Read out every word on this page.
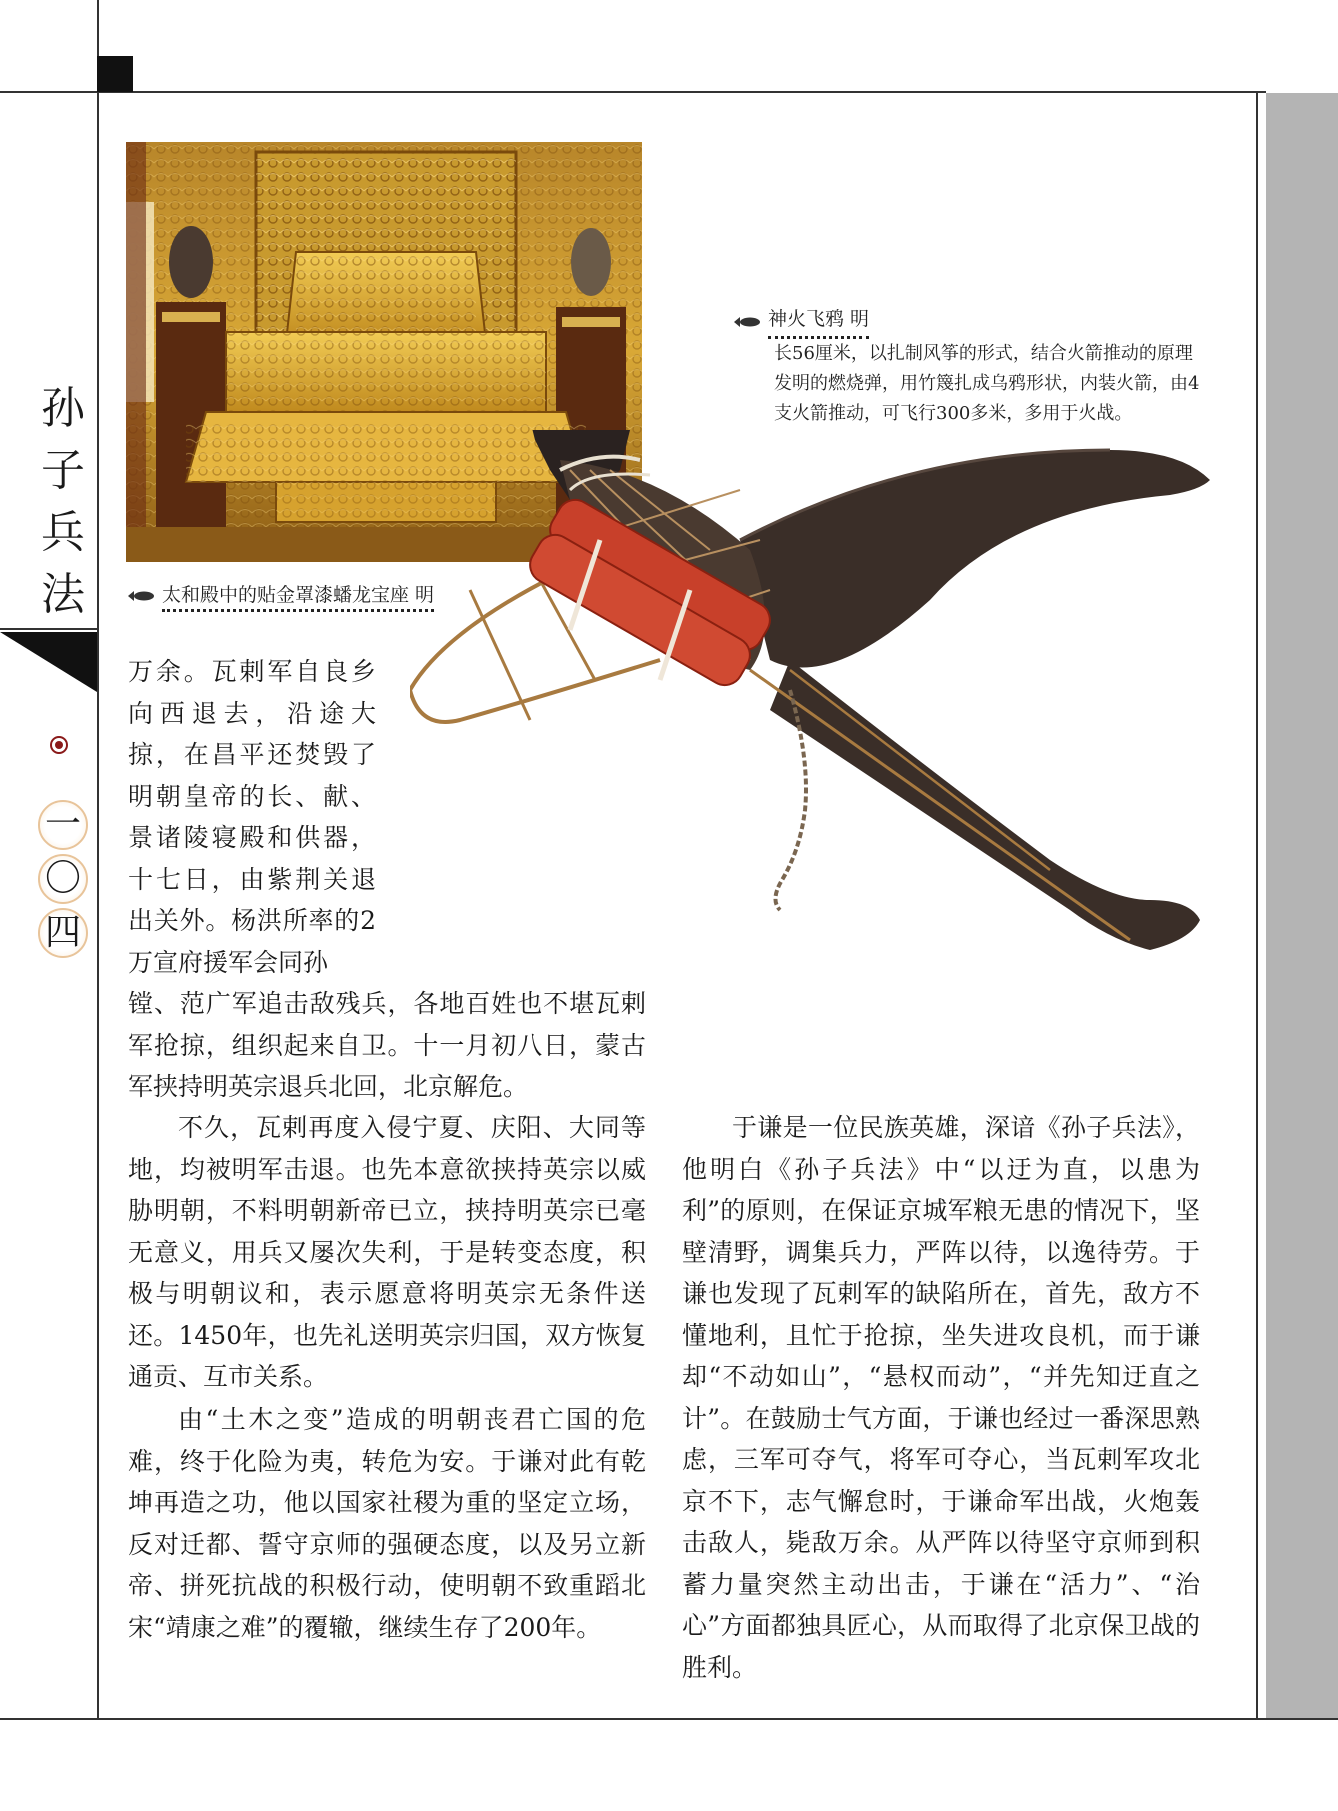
孙
子
兵
法
一
〇
四
太和殿中的贴金罩漆蟠龙宝座 明
神火飞鸦 明
长56厘米，以扎制风筝的形式，结合火箭推动的原理发明的燃烧弹，用竹篾扎成乌鸦形状，内装火箭，由4支火箭推动，可飞行300多米，多用于火战。

万余。瓦剌军自良乡向西退去，沿途大掠，在昌平还焚毁了明朝皇帝的长、献、景诸陵寝殿和供器，十七日，由紫荆关退出关外。杨洪所率的2万宣府援军会同孙

镗、范广军追击敌残兵，各地百姓也不堪瓦剌军抢掠，组织起来自卫。十一月初八日，蒙古军挟持明英宗退兵北回，北京解危。

不久，瓦剌再度入侵宁夏、庆阳、大同等地，均被明军击退。也先本意欲挟持英宗以威胁明朝，不料明朝新帝已立，挟持明英宗已毫无意义，用兵又屡次失利，于是转变态度，积极与明朝议和，表示愿意将明英宗无条件送还。1450年，也先礼送明英宗归国，双方恢复通贡、互市关系。

由“土木之变”造成的明朝丧君亡国的危难，终于化险为夷，转危为安。于谦对此有乾坤再造之功，他以国家社稷为重的坚定立场，反对迁都、誓守京师的强硬态度，以及另立新帝、拼死抗战的积极行动，使明朝不致重蹈北宋“靖康之难”的覆辙，继续生存了200年。

于谦是一位民族英雄，深谙《孙子兵法》，他明白《孙子兵法》中“以迂为直，以患为利”的原则，在保证京城军粮无患的情况下，坚壁清野，调集兵力，严阵以待，以逸待劳。于谦也发现了瓦剌军的缺陷所在，首先，敌方不懂地利，且忙于抢掠，坐失进攻良机，而于谦却“不动如山”，“悬权而动”，“并先知迂直之计”。在鼓励士气方面，于谦也经过一番深思熟虑，三军可夺气，将军可夺心，当瓦剌军攻北京不下，志气懈怠时，于谦命军出战，火炮轰击敌人，毙敌万余。从严阵以待坚守京师到积蓄力量突然主动出击，于谦在“活力”、“治心”方面都独具匠心，从而取得了北京保卫战的胜利。
